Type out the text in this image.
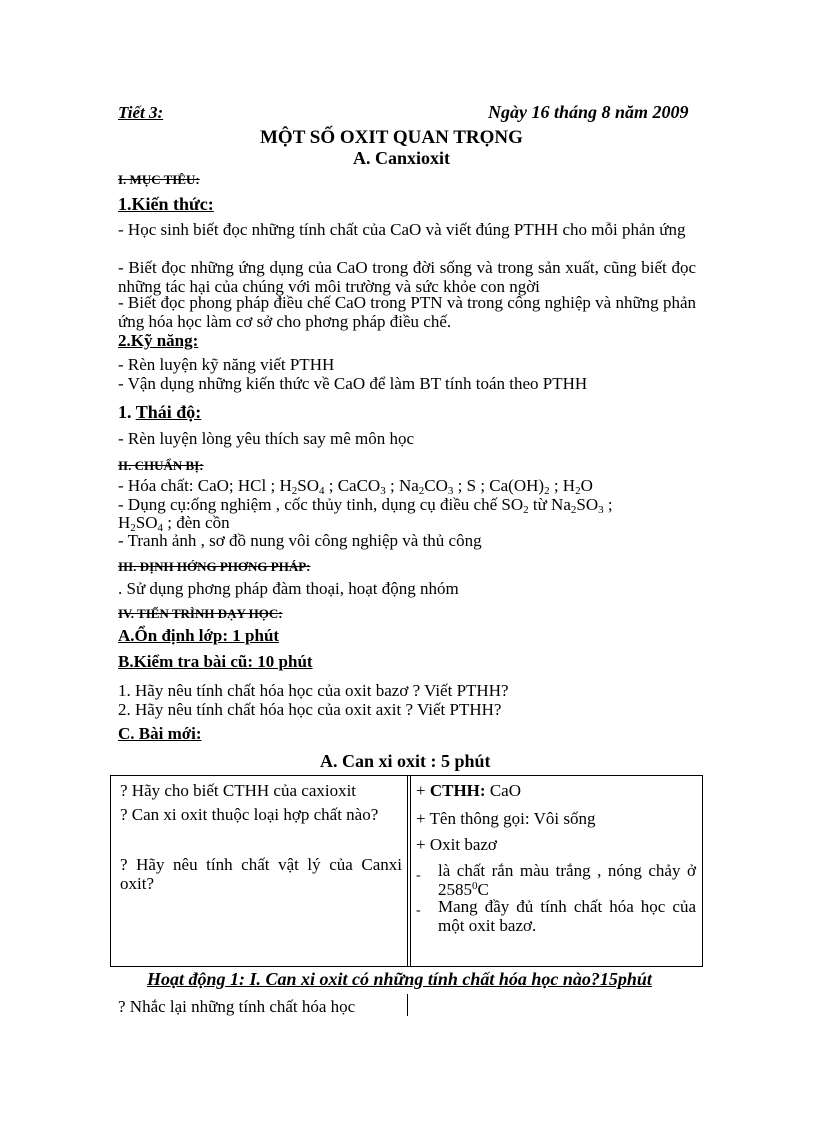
Tiết 3:	Ngày 16 tháng 8 năm 2009
MỘT SỐ OXIT QUAN TRỌNG
A. Canxioxit
I. MỤC TIÊU:
1.Kiến thức:
- Học sinh biết đọc những tính chất của CaO và viết đúng PTHH cho mỗi phản ứng
- Biết đọc những ứng dụng của CaO trong đời sống và trong sản xuất, cũng biết đọc những tác hại của chúng với môi trường và sức khỏe con ngời
- Biết đọc phong pháp điều chế CaO trong PTN và trong công nghiệp và những phản ứng hóa học làm cơ sở cho phơng pháp điều chế.
2.Kỹ năng:
- Rèn luyện kỹ năng viết PTHH
- Vận dụng những kiến thức về CaO để làm BT tính toán theo PTHH
1. Thái độ:
- Rèn luyện lòng yêu thích say mê môn học
II. CHUẨN BỊ:
- Hóa chất: CaO; HCl ; $H_2SO_4$ ; CaCO$_3$ ; $Na_2CO_3$ ; S ; $Ca(OH)_2$ ; $H_2O$
- Dụng cụ:ống nghiệm , cốc thủy tinh, dụng cụ điều chế $SO_2$ từ $Na_2SO_3$ ;
$H_2SO_4$ ; đèn cồn
- Tranh ảnh , sơ đồ nung vôi công nghiệp và thủ công
III. ĐỊNH HỚNG PHƠNG PHÁP:
. Sử dụng phơng pháp đàm thoại, hoạt động nhóm
IV. TIẾN TRÌNH DẠY HỌC:
A.Ổn định lớp: 1 phút
B.Kiểm tra bài cũ: 10 phút
1. Hãy nêu tính chất hóa học của oxit bazơ ? Viết PTHH?
2. Hãy nêu tính chất hóa học của oxit axit ? Viết PTHH?
C. Bài mới:
A. Can xi oxit : 5 phút
? Hãy cho biết CTHH của caxioxit
? Can xi oxit thuộc loại hợp chất nào?
? Hãy nêu tính chất vật lý của Canxi oxit?
+ CTHH: CaO
+ Tên thông gọi: Vôi sống
+ Oxit bazơ
- là chất rắn màu trắng , nóng chảy ở 2585$^0$C
- Mang đầy đủ tính chất hóa học của một oxit bazơ.
Hoạt động 1: I. Can xi oxit có những tính chất hóa học nào?15phút
? Nhắc lại những tính chất hóa học
